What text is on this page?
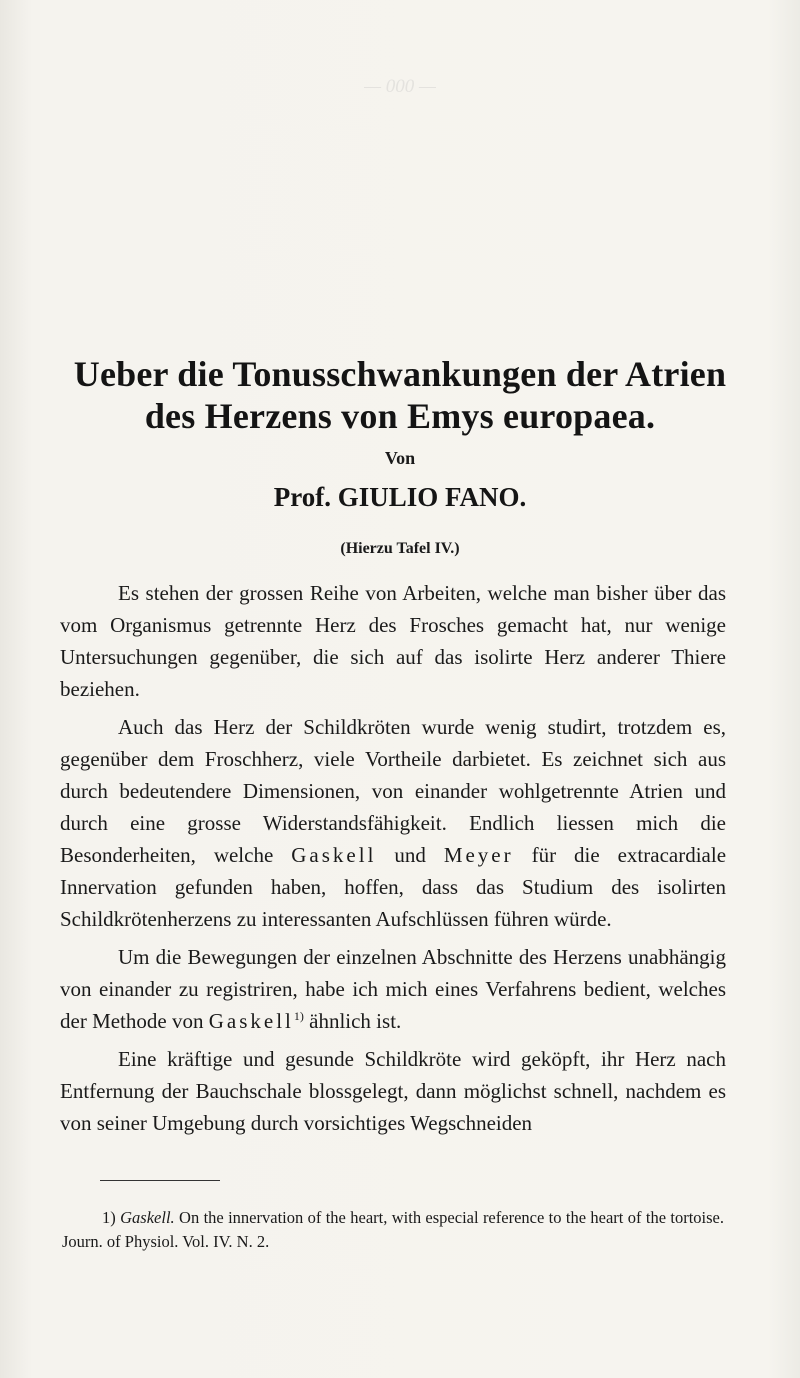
— 000 —

Ueber die Tonusschwankungen der Atrien
des Herzens von Emys europaea.
Von
Prof. GIULIO FANO.
(Hierzu Tafel IV.)

Es stehen der grossen Reihe von Arbeiten, welche man bisher über das vom Organismus getrennte Herz des Frosches gemacht hat, nur wenige Untersuchungen gegenüber, die sich auf das isolirte Herz anderer Thiere beziehen.

Auch das Herz der Schildkröten wurde wenig studirt, trotzdem es, gegenüber dem Froschherz, viele Vortheile darbietet. Es zeichnet sich aus durch bedeutendere Dimensionen, von einander wohlgetrennte Atrien und durch eine grosse Widerstandsfähigkeit. Endlich liessen mich die Besonderheiten, welche Gaskell und Meyer für die extracardiale Innervation gefunden haben, hoffen, dass das Studium des isolirten Schildkrötenherzens zu interessanten Aufschlüssen führen würde.

Um die Bewegungen der einzelnen Abschnitte des Herzens unabhängig von einander zu registriren, habe ich mich eines Verfahrens bedient, welches der Methode von Gaskell$^{1)}$ ähnlich ist.

Eine kräftige und gesunde Schildkröte wird geköpft, ihr Herz nach Entfernung der Bauchschale blossgelegt, dann möglichst schnell, nachdem es von seiner Umgebung durch vorsichtiges Wegschneiden

1) Gaskell. On the innervation of the heart, with especial reference to the heart of the tortoise. Journ. of Physiol. Vol. IV. N. 2.
